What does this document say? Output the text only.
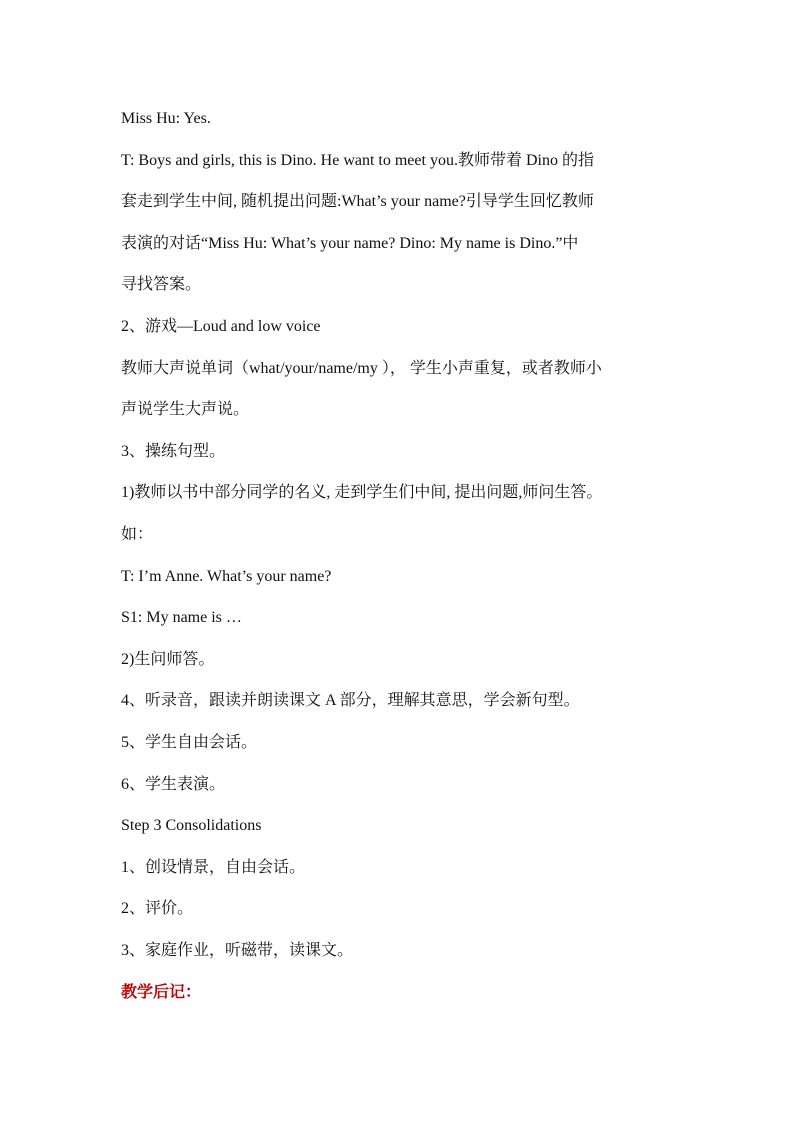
Miss Hu: Yes.

T: Boys and girls, this is Dino. He want to meet you.教师带着 Dino 的指

套走到学生中间, 随机提出问题:What’s your name?引导学生回忆教师

表演的对话“Miss Hu: What’s your name? Dino: My name is Dino.”中

寻找答案。

2、游戏—Loud and low voice

教师大声说单词（what/your/name/my ）， 学生小声重复，或者教师小

声说学生大声说。

3、操练句型。

1)教师以书中部分同学的名义, 走到学生们中间, 提出问题,师问生答。

如：

T: I’m Anne. What’s your name?

S1: My name is …

2)生问师答。

4、听录音，跟读并朗读课文 A 部分，理解其意思，学会新句型。

5、学生自由会话。

6、学生表演。

Step 3 Consolidations

1、创设情景，自由会话。

2、评价。

3、家庭作业，听磁带，读课文。

教学后记：
